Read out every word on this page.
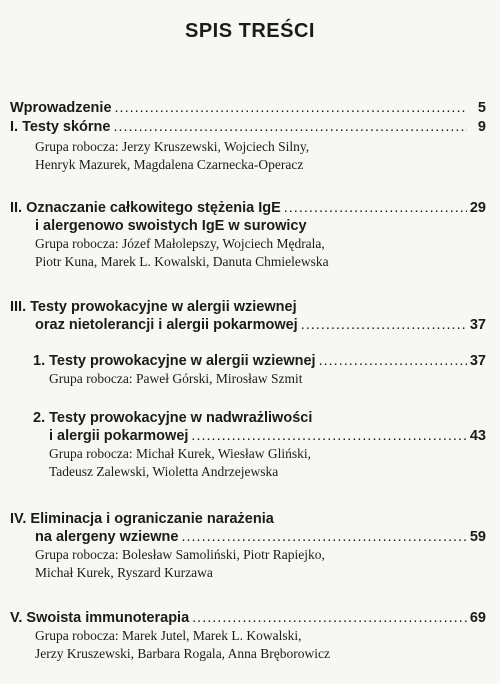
SPIS TREŚCI
Wprowadzenie .....	5
I. Testy skórne .....	9
Grupa robocza: Jerzy Kruszewski, Wojciech Silny,
Henryk Mazurek, Magdalena Czarnecka-Operacz
II. Oznaczanie całkowitego stężenia IgE .....	29
i alergenowo swoistych IgE w surowicy
Grupa robocza: Józef Małolepszy, Wojciech Mędrala,
Piotr Kuna, Marek L. Kowalski, Danuta Chmielewska
III. Testy prowokacyjne w alergii wziewnej
oraz nietolerancji i alergii pokarmowej .....	37
1. Testy prowokacyjne w alergii wziewnej .....	37
Grupa robocza: Paweł Górski, Mirosław Szmit
2. Testy prowokacyjne w nadwrażliwości
i alergii pokarmowej .....	43
Grupa robocza: Michał Kurek, Wiesław Gliński,
Tadeusz Zalewski, Wioletta Andrzejewska
IV. Eliminacja i ograniczanie narażenia
na alergeny wziewne .....	59
Grupa robocza: Bolesław Samoliński, Piotr Rapiejko,
Michał Kurek, Ryszard Kurzawa
V. Swoista immunoterapia .....	69
Grupa robocza: Marek Jutel, Marek L. Kowalski,
Jerzy Kruszewski, Barbara Rogala, Anna Bręborowicz
